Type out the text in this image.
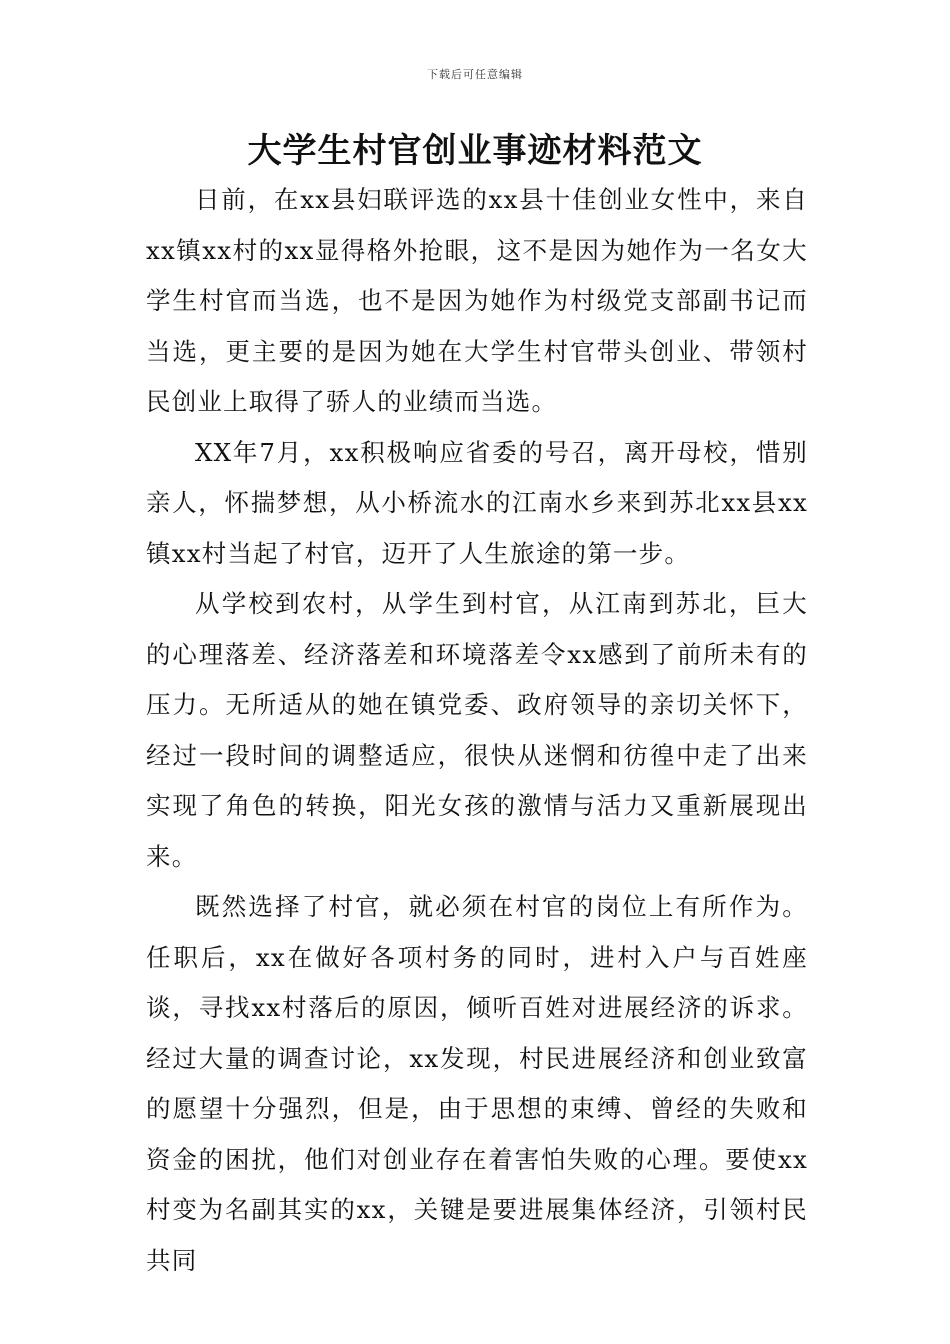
下载后可任意编辑
大学生村官创业事迹材料范文

日前，在xx县妇联评选的xx县十佳创业女性中，来自xx镇xx村的xx显得格外抢眼，这不是因为她作为一名女大学生村官而当选，也不是因为她作为村级党支部副书记而当选，更主要的是因为她在大学生村官带头创业、带领村民创业上取得了骄人的业绩而当选。

XX年7月，xx积极响应省委的号召，离开母校，惜别亲人，怀揣梦想，从小桥流水的江南水乡来到苏北xx县xx镇xx村当起了村官，迈开了人生旅途的第一步。

从学校到农村，从学生到村官，从江南到苏北，巨大的心理落差、经济落差和环境落差令xx感到了前所未有的压力。无所适从的她在镇党委、政府领导的亲切关怀下，经过一段时间的调整适应，很快从迷惘和彷徨中走了出来实现了角色的转换，阳光女孩的激情与活力又重新展现出来。

既然选择了村官，就必须在村官的岗位上有所作为。任职后，xx在做好各项村务的同时，进村入户与百姓座谈，寻找xx村落后的原因，倾听百姓对进展经济的诉求。经过大量的调查讨论，xx发现，村民进展经济和创业致富的愿望十分强烈，但是，由于思想的束缚、曾经的失败和资金的困扰，他们对创业存在着害怕失败的心理。要使xx村变为名副其实的xx，关键是要进展集体经济，引领村民共同
